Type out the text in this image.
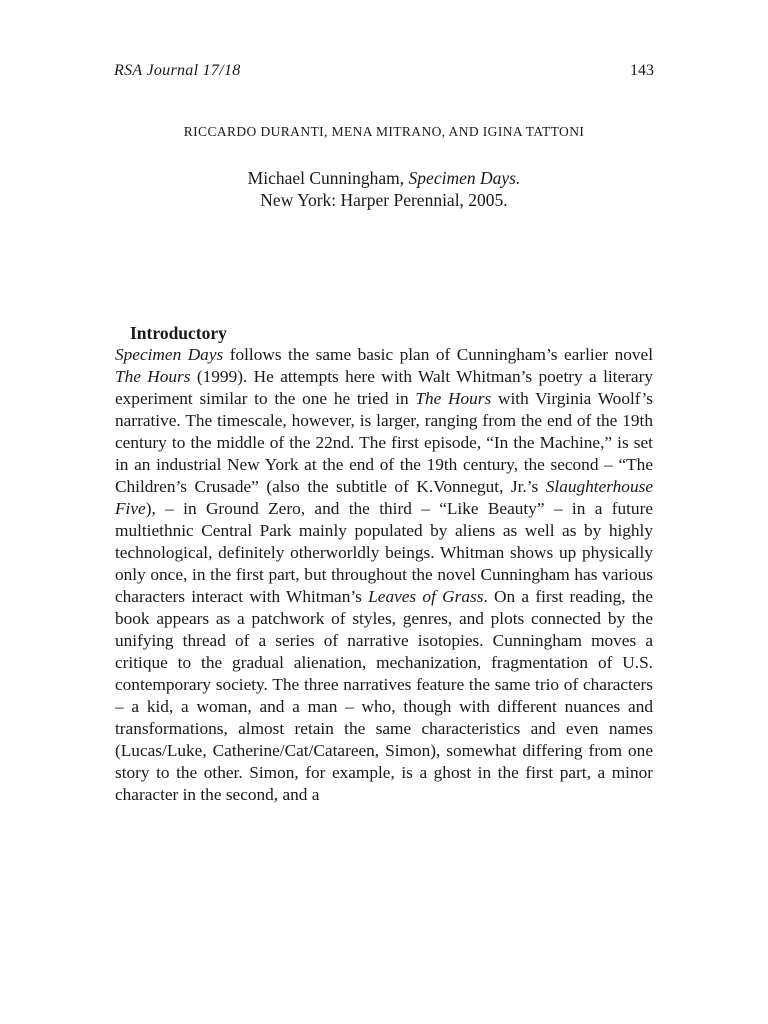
RSA Journal 17/18	143
RICCARDO DURANTI, MENA MITRANO, AND IGINA TATTONI
Michael Cunningham, Specimen Days.
New York: Harper Perennial, 2005.
Introductory

Specimen Days follows the same basic plan of Cunningham’s earlier novel The Hours (1999). He attempts here with Walt Whitman’s poetry a literary experiment similar to the one he tried in The Hours with Virginia Woolf’s narrative. The timescale, however, is larger, ranging from the end of the 19th century to the middle of the 22nd. The first episode, “In the Machine,” is set in an industrial New York at the end of the 19th century, the second – “The Children’s Crusade” (also the subtitle of K.Vonnegut, Jr.’s Slaughterhouse Five), – in Ground Zero, and the third – “Like Beauty” – in a future multiethnic Central Park mainly populated by aliens as well as by highly technological, definitely otherworldly beings. Whitman shows up physically only once, in the first part, but throughout the novel Cunningham has various characters interact with Whitman’s Leaves of Grass. On a first reading, the book appears as a patchwork of styles, genres, and plots connected by the unifying thread of a series of narrative isotopies. Cunningham moves a critique to the gradual alienation, mechanization, fragmentation of U.S. contemporary society. The three narratives feature the same trio of characters – a kid, a woman, and a man – who, though with different nuances and transformations, almost retain the same characteristics and even names (Lucas/Luke, Catherine/Cat/Catareen, Simon), somewhat differing from one story to the other. Simon, for example, is a ghost in the first part, a minor character in the second, and a
